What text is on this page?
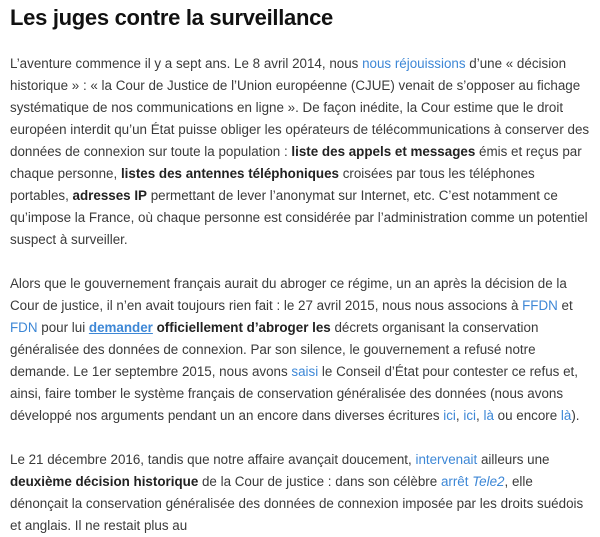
Les juges contre la surveillance

L’aventure commence il y a sept ans. Le 8 avril 2014, nous nous réjouissions d’une « décision historique » : « la Cour de Justice de l’Union européenne (CJUE) venait de s’opposer au fichage systématique de nos communications en ligne ». De façon inédite, la Cour estime que le droit européen interdit qu’un État puisse obliger les opérateurs de télécommunications à conserver des données de connexion sur toute la population : liste des appels et messages émis et reçus par chaque personne, listes des antennes téléphoniques croisées par tous les téléphones portables, adresses IP permettant de lever l’anonymat sur Internet, etc. C’est notamment ce qu’impose la France, où chaque personne est considérée par l’administration comme un potentiel suspect à surveiller.

Alors que le gouvernement français aurait du abroger ce régime, un an après la décision de la Cour de justice, il n’en avait toujours rien fait : le 27 avril 2015, nous nous associons à FFDN et FDN pour lui demander officiellement d’abroger les décrets organisant la conservation généralisée des données de connexion. Par son silence, le gouvernement a refusé notre demande. Le 1er septembre 2015, nous avons saisi le Conseil d’État pour contester ce refus et, ainsi, faire tomber le système français de conservation généralisée des données (nous avons développé nos arguments pendant un an encore dans diverses écritures ici, ici, là ou encore là).

Le 21 décembre 2016, tandis que notre affaire avançait doucement, intervenait ailleurs une deuxième décision historique de la Cour de justice : dans son célèbre arrêt Tele2, elle dénonçait la conservation généralisée des données de connexion imposée par les droits suédois et anglais. Il ne restait plus au
